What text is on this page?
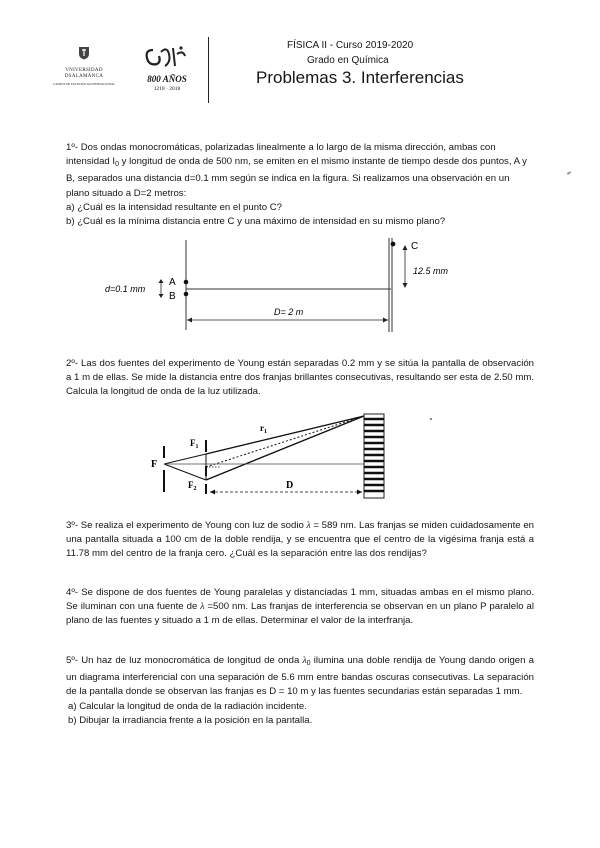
VNIVERSIDAD
DSALAMANCA
CAMPUS DE EXCELENCIA INTERNACIONAL	800 AÑOS
1218 · 2018
FÍSICA II - Curso 2019-2020
Grado en Química
Problemas 3. Interferencias

1º- Dos ondas monocromáticas, polarizadas linealmente a lo largo de la misma dirección, ambas con intensidad $I_0$ y longitud de onda de 500 nm, se emiten en el mismo instante de tiempo desde dos puntos, A y B, separados una distancia d=0.1 mm según se indica en la figura. Si realizamos una observación en un plano situado a D=2 metros:

a) ¿Cuál es la intensidad resultante en el punto C?

b) ¿Cuál es la mínima distancia entre C y una máximo de intensidad en su mismo plano?

A
B
d=0.1 mm
C
12.5 mm
D= 2 m

2º- Las dos fuentes del experimento de Young están separadas 0.2 mm y se sitúa la pantalla de observación a 1 m de ellas. Se mide la distancia entre dos franjas brillantes consecutivas, resultando ser esta de 2.50 mm. Calcula la longitud de onda de la luz utilizada.

F
$F_1$
$F_2$
$r_1$
D

3º- Se realiza el experimento de Young con luz de sodio λ = 589 nm. Las franjas se miden cuidadosamente en una pantalla situada a 100 cm de la doble rendija, y se encuentra que el centro de la vigésima franja está a 11.78 mm del centro de la franja cero. ¿Cuál es la separación entre las dos rendijas?

4º- Se dispone de dos fuentes de Young paralelas y distanciadas 1 mm, situadas ambas en el mismo plano. Se iluminan con una fuente de λ =500 nm. Las franjas de interferencia se observan en un plano P paralelo al plano de las fuentes y situado a 1 m de ellas. Determinar el valor de la interfranja.

5º- Un haz de luz monocromática de longitud de onda $\lambda_0$ ilumina una doble rendija de Young dando origen a un diagrama interferencial con una separación de 5.6 mm entre bandas oscuras consecutivas. La separación de la pantalla donde se observan las franjas es D = 10 m y las fuentes secundarias están separadas 1 mm.

a) Calcular la longitud de onda de la radiación incidente.

b) Dibujar la irradiancia frente a la posición en la pantalla.
